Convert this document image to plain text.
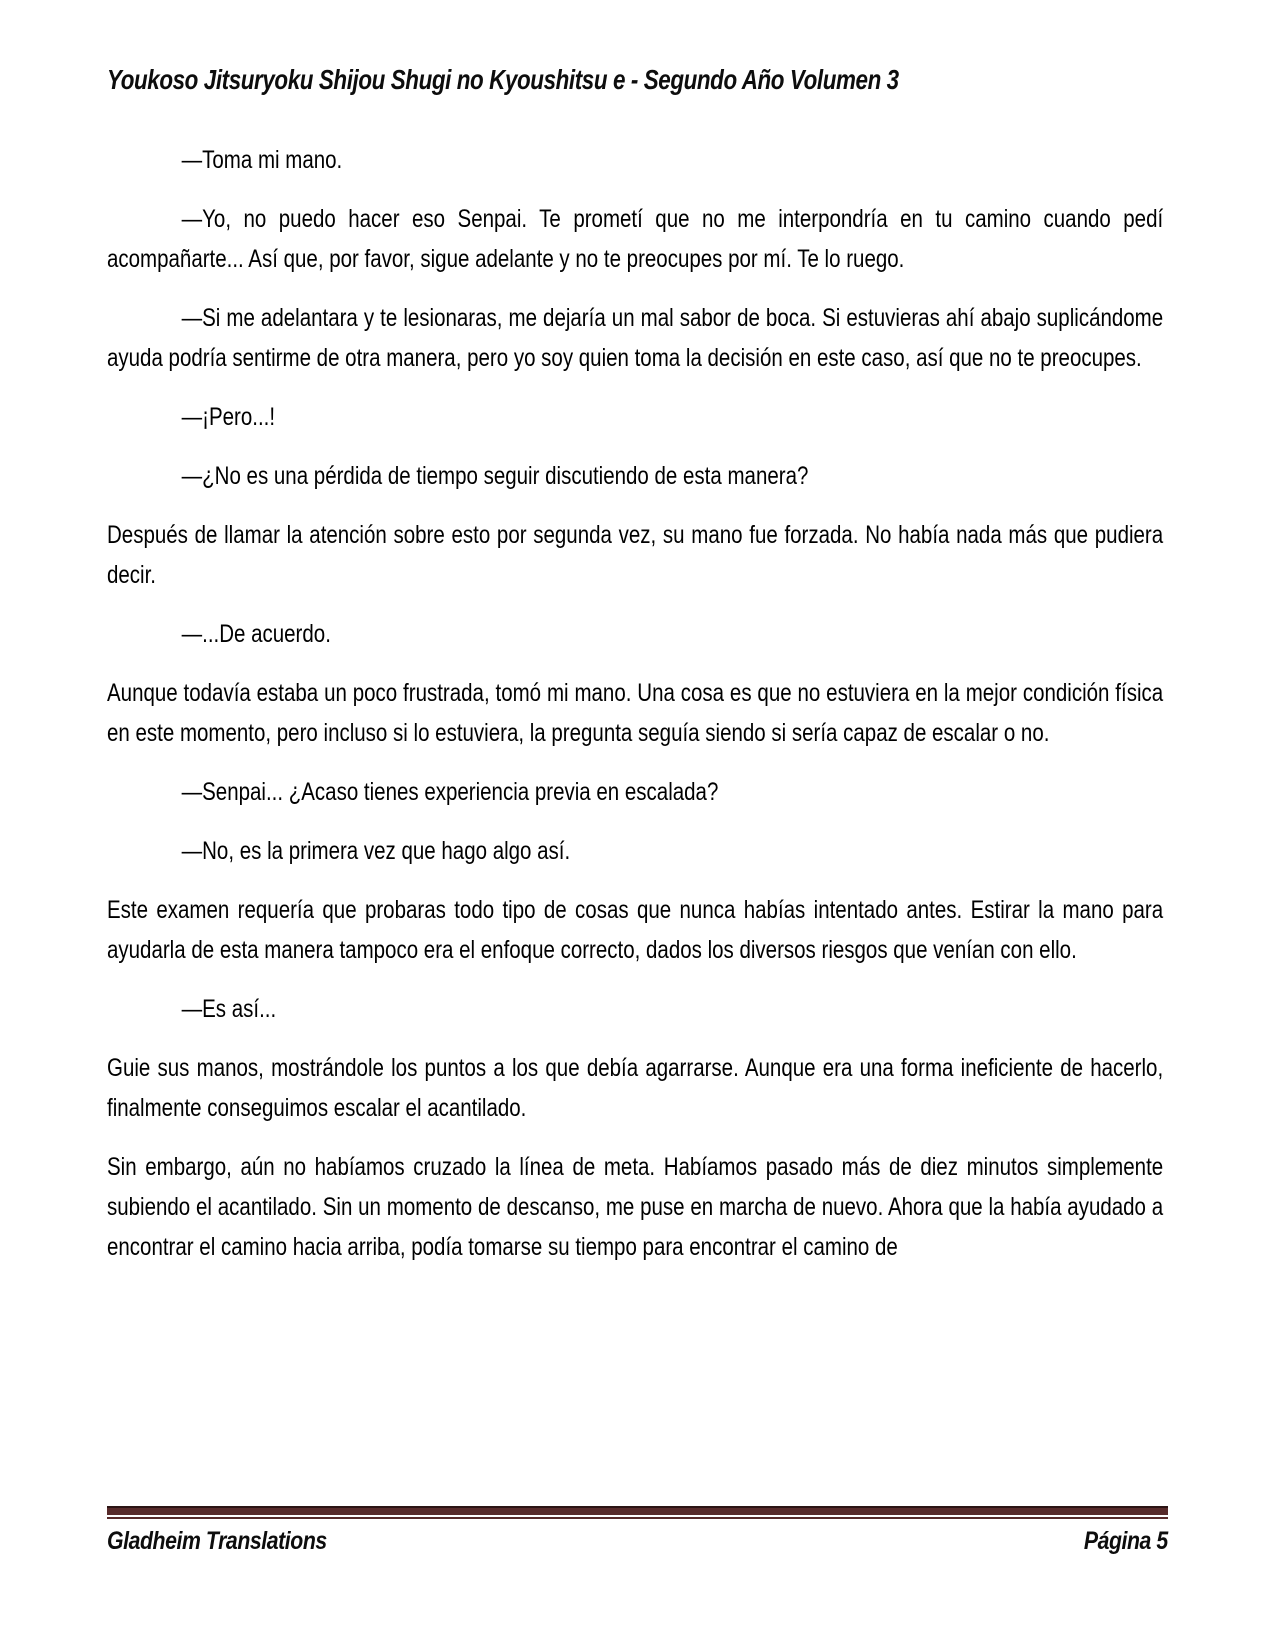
Youkoso Jitsuryoku Shijou Shugi no Kyoushitsu e - Segundo Año Volumen 3

—Toma mi mano.

—Yo, no puedo hacer eso Senpai. Te prometí que no me interpondría en tu camino cuando pedí acompañarte... Así que, por favor, sigue adelante y no te preocupes por mí. Te lo ruego.

—Si me adelantara y te lesionaras, me dejaría un mal sabor de boca. Si estuvieras ahí abajo suplicándome ayuda podría sentirme de otra manera, pero yo soy quien toma la decisión en este caso, así que no te preocupes.

—¡Pero...!

—¿No es una pérdida de tiempo seguir discutiendo de esta manera?

Después de llamar la atención sobre esto por segunda vez, su mano fue forzada. No había nada más que pudiera decir.

—...De acuerdo.

Aunque todavía estaba un poco frustrada, tomó mi mano. Una cosa es que no estuviera en la mejor condición física en este momento, pero incluso si lo estuviera, la pregunta seguía siendo si sería capaz de escalar o no.

—Senpai... ¿Acaso tienes experiencia previa en escalada?

—No, es la primera vez que hago algo así.

Este examen requería que probaras todo tipo de cosas que nunca habías intentado antes. Estirar la mano para ayudarla de esta manera tampoco era el enfoque correcto, dados los diversos riesgos que venían con ello.

—Es así...

Guie sus manos, mostrándole los puntos a los que debía agarrarse. Aunque era una forma ineficiente de hacerlo, finalmente conseguimos escalar el acantilado.

Sin embargo, aún no habíamos cruzado la línea de meta. Habíamos pasado más de diez minutos simplemente subiendo el acantilado. Sin un momento de descanso, me puse en marcha de nuevo. Ahora que la había ayudado a encontrar el camino hacia arriba, podía tomarse su tiempo para encontrar el camino de

Gladheim Translations	Página 5
